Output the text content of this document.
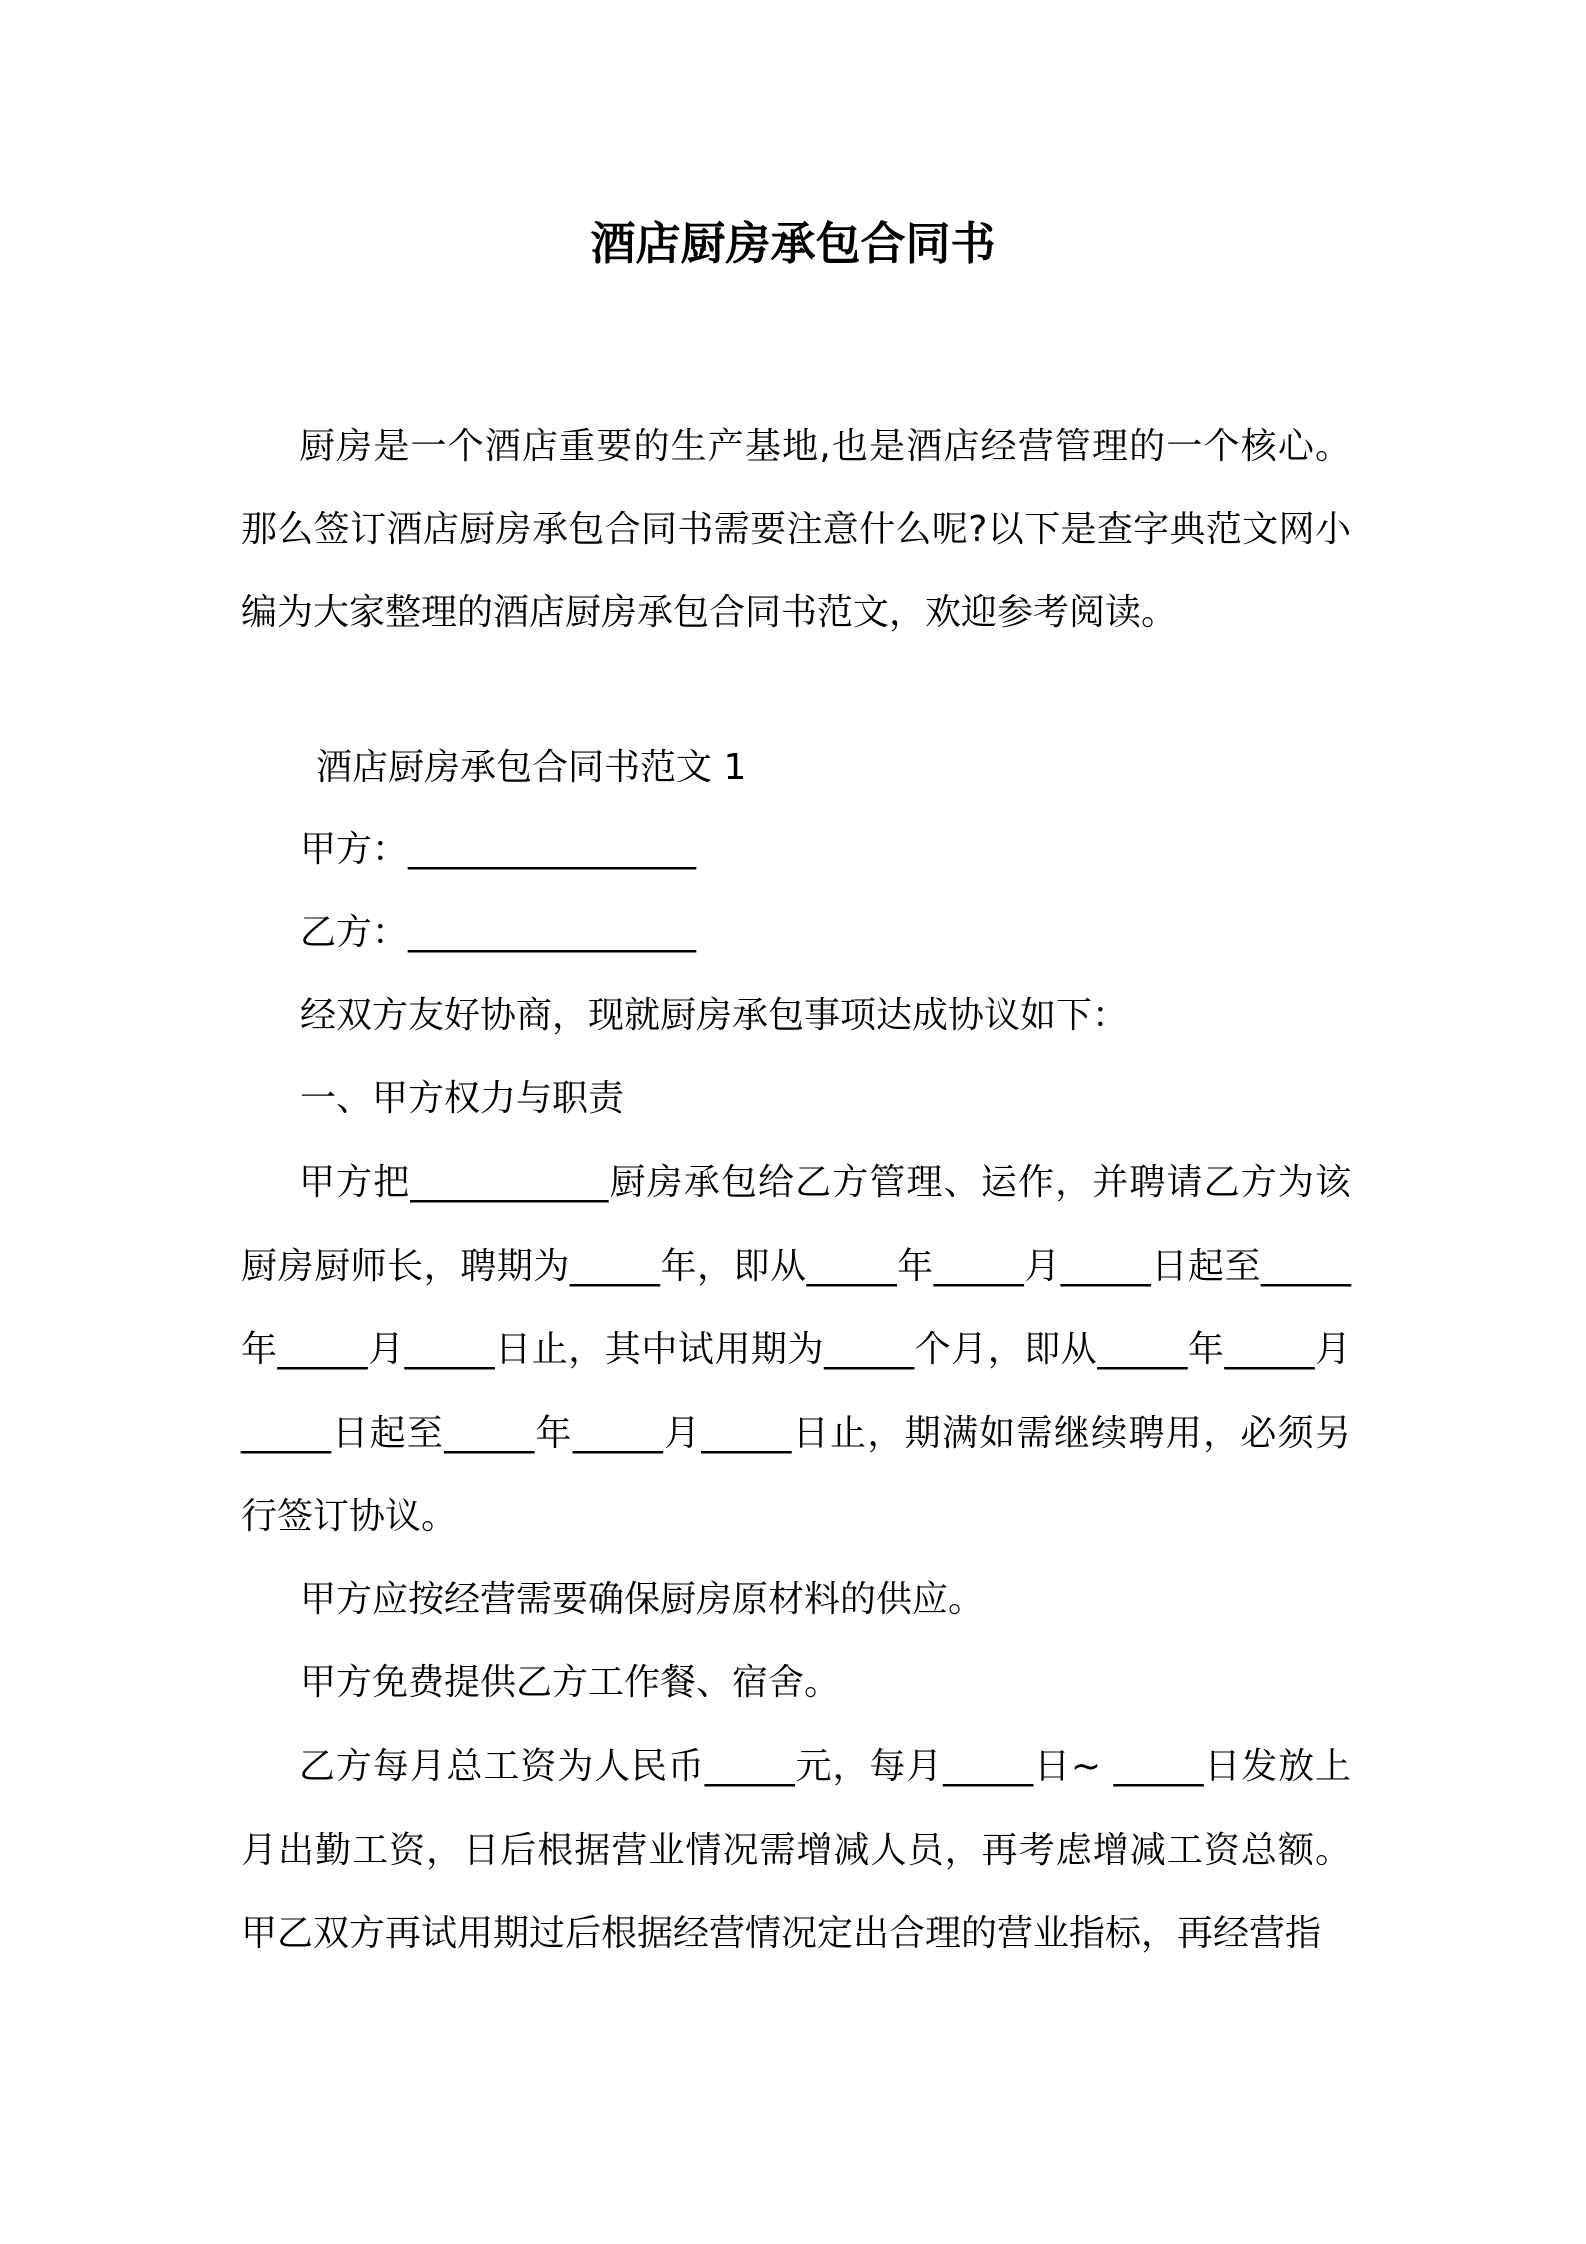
酒店厨房承包合同书

厨房是一个酒店重要的生产基地,也是酒店经营管理的一个核心。那么签订酒店厨房承包合同书需要注意什么呢?以下是查字典范文网小编为大家整理的酒店厨房承包合同书范文，欢迎参考阅读。

酒店厨房承包合同书范文 1

甲方：________________

乙方：________________

经双方友好协商，现就厨房承包事项达成协议如下：

一、甲方权力与职责

甲方把___________厨房承包给乙方管理、运作，并聘请乙方为该厨房厨师长，聘期为_____年，即从_____年_____月_____日起至_____年_____月_____日止，其中试用期为_____个月，即从_____年_____月_____日起至_____年_____月_____日止，期满如需继续聘用，必须另行签订协议。

甲方应按经营需要确保厨房原材料的供应。

甲方免费提供乙方工作餐、宿舍。

乙方每月总工资为人民币_____元，每月_____日~ _____日发放上月出勤工资，日后根据营业情况需增减人员，再考虑增减工资总额。甲乙双方再试用期过后根据经营情况定出合理的营业指标，再经营指
